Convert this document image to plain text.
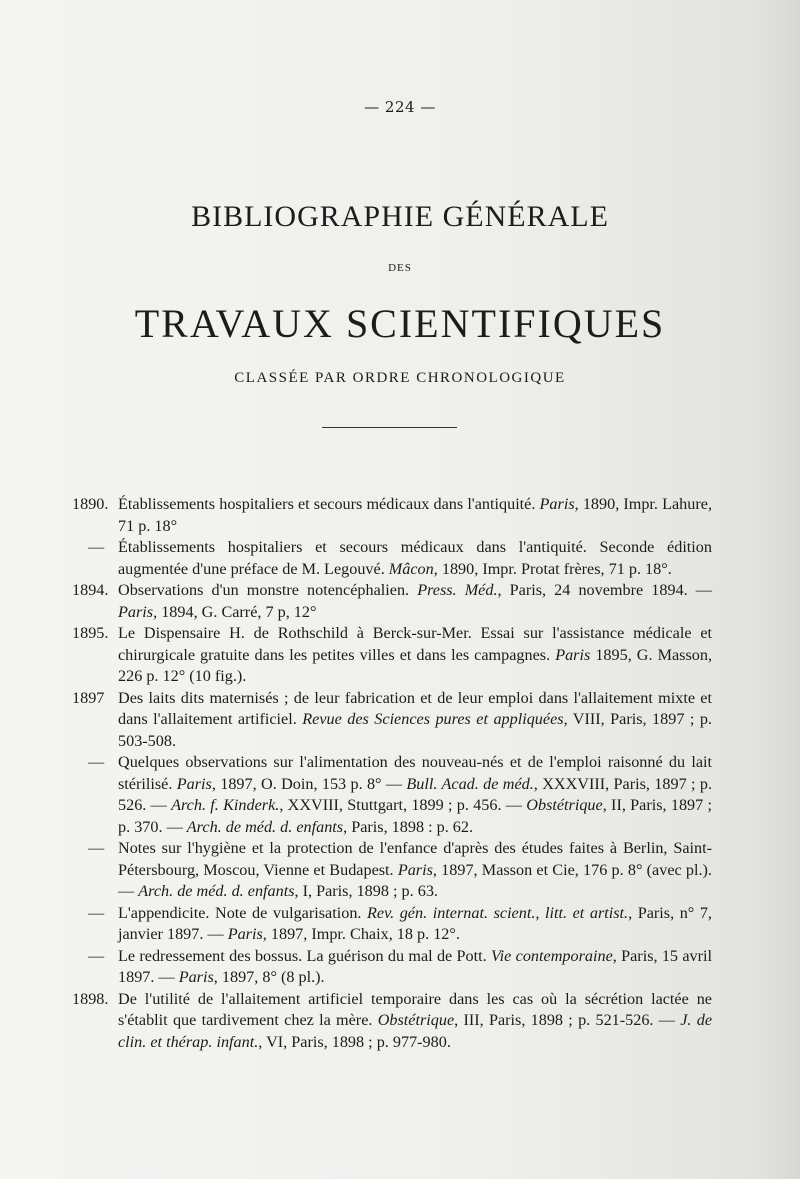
— 224 —
BIBLIOGRAPHIE GÉNÉRALE
DES
TRAVAUX SCIENTIFIQUES
CLASSÉE PAR ORDRE CHRONOLOGIQUE
1890. Établissements hospitaliers et secours médicaux dans l'antiquité. Paris, 1890, Impr. Lahure, 71 p. 18°
— Établissements hospitaliers et secours médicaux dans l'antiquité. Seconde édition augmentée d'une préface de M. Legouvé. Mâcon, 1890, Impr. Protat frères, 71 p. 18°.
1894. Observations d'un monstre notencéphalien. Press. Méd., Paris, 24 novembre 1894. — Paris, 1894, G. Carré, 7 p, 12°
1895. Le Dispensaire H. de Rothschild à Berck-sur-Mer. Essai sur l'assistance médicale et chirurgicale gratuite dans les petites villes et dans les campagnes. Paris 1895, G. Masson, 226 p. 12° (10 fig.).
1897 Des laits dits maternisés ; de leur fabrication et de leur emploi dans l'allaitement mixte et dans l'allaitement artificiel. Revue des Sciences pures et appliquées, VIII, Paris, 1897 ; p. 503-508.
— Quelques observations sur l'alimentation des nouveau-nés et de l'emploi raisonné du lait stérilisé. Paris, 1897, O. Doin, 153 p. 8° — Bull. Acad. de méd., XXXVIII, Paris, 1897 ; p. 526. — Arch. f. Kinderk., XXVIII, Stuttgart, 1899 ; p. 456. — Obstétrique, II, Paris, 1897 ; p. 370. — Arch. de méd. d. enfants, Paris, 1898 : p. 62.
— Notes sur l'hygiène et la protection de l'enfance d'après des études faites à Berlin, Saint-Pétersbourg, Moscou, Vienne et Budapest. Paris, 1897, Masson et Cie, 176 p. 8° (avec pl.). — Arch. de méd. d. enfants, I, Paris, 1898 ; p. 63.
— L'appendicite. Note de vulgarisation. Rev. gén. internat. scient., litt. et artist., Paris, n° 7, janvier 1897. — Paris, 1897, Impr. Chaix, 18 p. 12°.
— Le redressement des bossus. La guérison du mal de Pott. Vie contemporaine, Paris, 15 avril 1897. — Paris, 1897, 8° (8 pl.).
1898. De l'utilité de l'allaitement artificiel temporaire dans les cas où la sécrétion lactée ne s'établit que tardivement chez la mère. Obstétrique, III, Paris, 1898 ; p. 521-526. — J. de clin. et thérap. infant., VI, Paris, 1898 ; p. 977-980.
